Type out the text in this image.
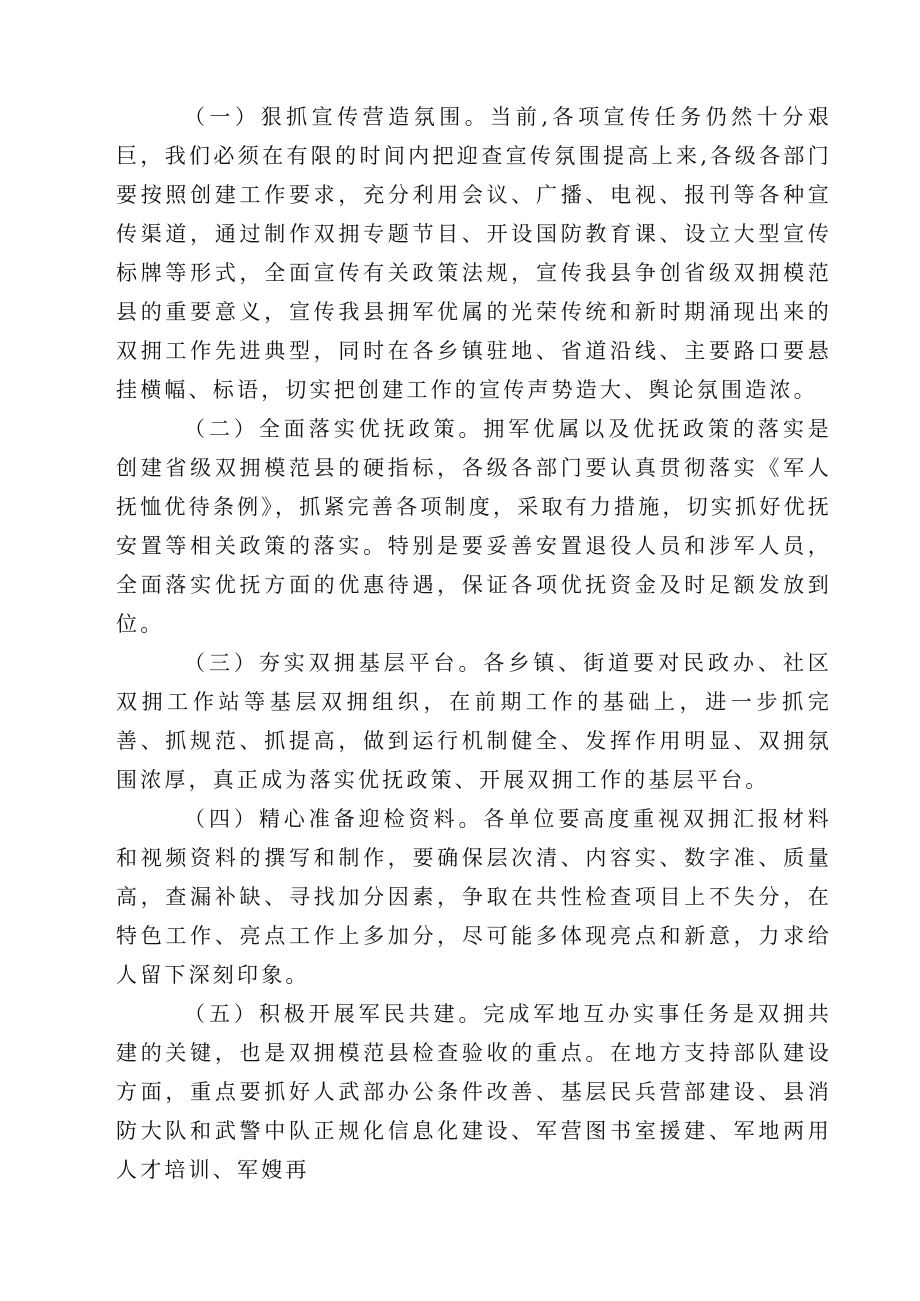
（一）狠抓宣传营造氛围。当前,各项宣传任务仍然十分艰巨，我们必须在有限的时间内把迎查宣传氛围提高上来,各级各部门要按照创建工作要求，充分利用会议、广播、电视、报刊等各种宣传渠道，通过制作双拥专题节目、开设国防教育课、设立大型宣传标牌等形式，全面宣传有关政策法规，宣传我县争创省级双拥模范县的重要意义，宣传我县拥军优属的光荣传统和新时期涌现出来的双拥工作先进典型，同时在各乡镇驻地、省道沿线、主要路口要悬挂横幅、标语，切实把创建工作的宣传声势造大、舆论氛围造浓。

（二）全面落实优抚政策。拥军优属以及优抚政策的落实是创建省级双拥模范县的硬指标，各级各部门要认真贯彻落实《军人抚恤优待条例》，抓紧完善各项制度，采取有力措施，切实抓好优抚安置等相关政策的落实。特别是要妥善安置退役人员和涉军人员，全面落实优抚方面的优惠待遇，保证各项优抚资金及时足额发放到位。

（三）夯实双拥基层平台。各乡镇、街道要对民政办、社区双拥工作站等基层双拥组织，在前期工作的基础上，进一步抓完善、抓规范、抓提高，做到运行机制健全、发挥作用明显、双拥氛围浓厚，真正成为落实优抚政策、开展双拥工作的基层平台。

（四）精心准备迎检资料。各单位要高度重视双拥汇报材料和视频资料的撰写和制作，要确保层次清、内容实、数字准、质量高，查漏补缺、寻找加分因素，争取在共性检查项目上不失分，在特色工作、亮点工作上多加分，尽可能多体现亮点和新意，力求给人留下深刻印象。

（五）积极开展军民共建。完成军地互办实事任务是双拥共建的关键，也是双拥模范县检查验收的重点。在地方支持部队建设方面，重点要抓好人武部办公条件改善、基层民兵营部建设、县消防大队和武警中队正规化信息化建设、军营图书室援建、军地两用人才培训、军嫂再
